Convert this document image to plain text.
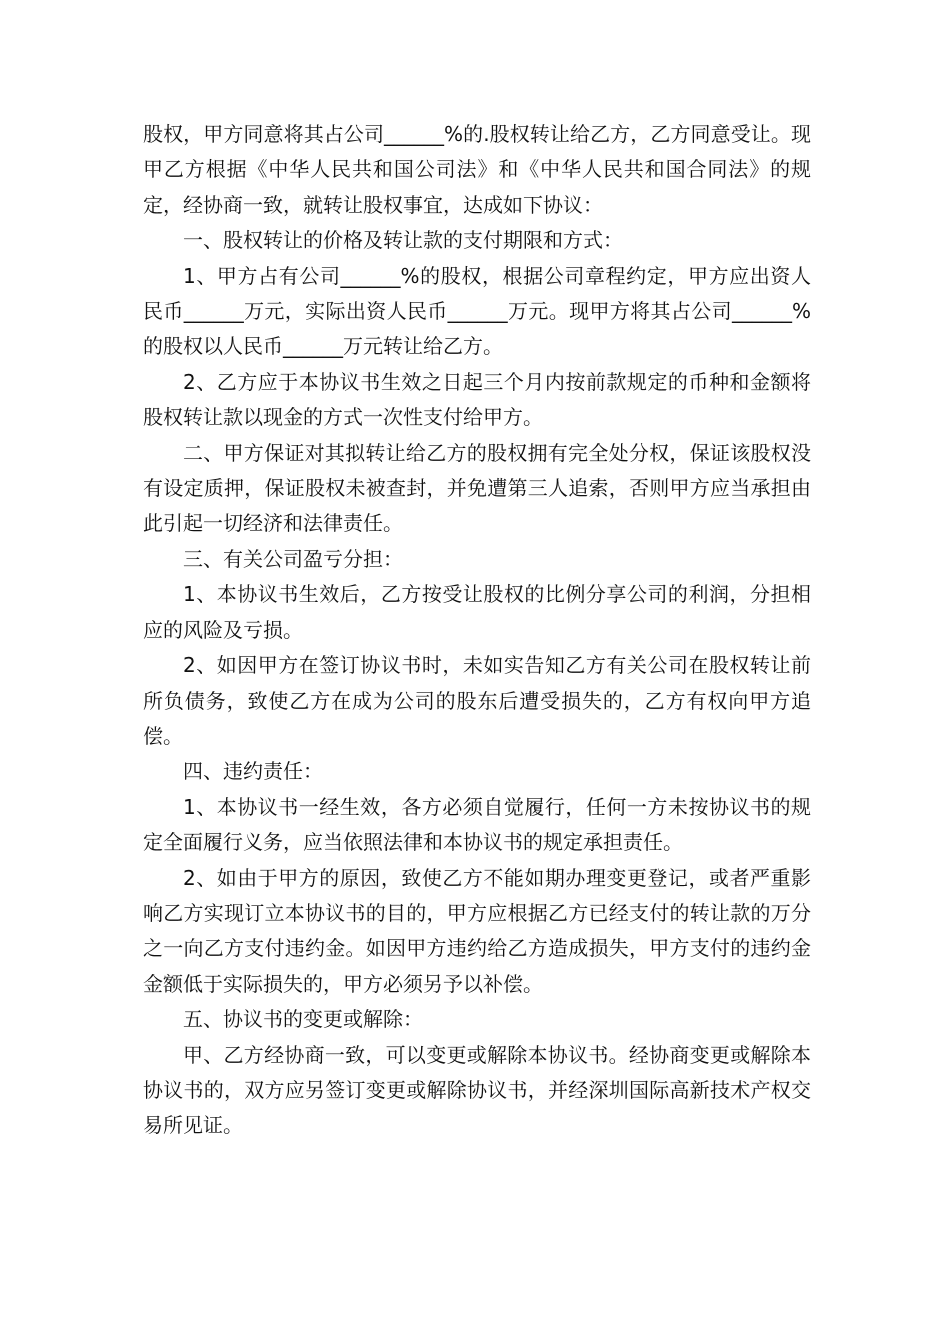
股权，甲方同意将其占公司______%的.股权转让给乙方，乙方同意受让。现甲乙方根据《中华人民共和国公司法》和《中华人民共和国合同法》的规定，经协商一致，就转让股权事宜，达成如下协议：

一、股权转让的价格及转让款的支付期限和方式：

1、甲方占有公司______%的股权，根据公司章程约定，甲方应出资人民币______万元，实际出资人民币______万元。现甲方将其占公司______%的股权以人民币______万元转让给乙方。

2、乙方应于本协议书生效之日起三个月内按前款规定的币种和金额将股权转让款以现金的方式一次性支付给甲方。

二、甲方保证对其拟转让给乙方的股权拥有完全处分权，保证该股权没有设定质押，保证股权未被查封，并免遭第三人追索，否则甲方应当承担由此引起一切经济和法律责任。

三、有关公司盈亏分担：

1、本协议书生效后，乙方按受让股权的比例分享公司的利润，分担相应的风险及亏损。

2、如因甲方在签订协议书时，未如实告知乙方有关公司在股权转让前所负债务，致使乙方在成为公司的股东后遭受损失的，乙方有权向甲方追偿。

四、违约责任：

1、本协议书一经生效，各方必须自觉履行，任何一方未按协议书的规定全面履行义务，应当依照法律和本协议书的规定承担责任。

2、如由于甲方的原因，致使乙方不能如期办理变更登记，或者严重影响乙方实现订立本协议书的目的，甲方应根据乙方已经支付的转让款的万分之一向乙方支付违约金。如因甲方违约给乙方造成损失，甲方支付的违约金金额低于实际损失的，甲方必须另予以补偿。

五、协议书的变更或解除：

甲、乙方经协商一致，可以变更或解除本协议书。经协商变更或解除本协议书的，双方应另签订变更或解除协议书，并经深圳国际高新技术产权交易所见证。
